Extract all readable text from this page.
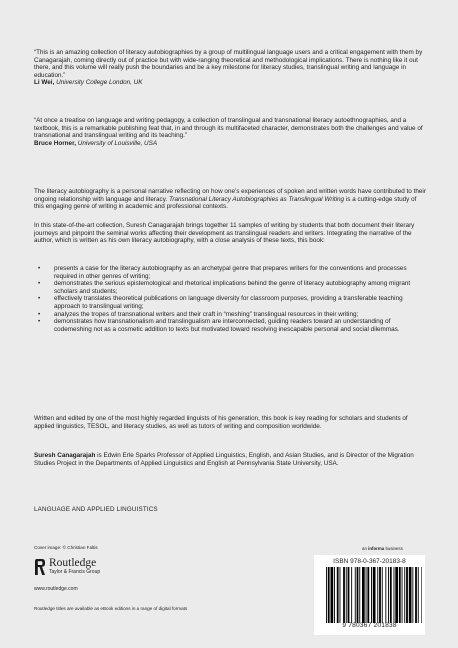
“This is an amazing collection of literacy autobiographies by a group of multilingual language users and a critical engagement with them by Canagarajah, coming directly out of practice but with wide-ranging theoretical and methodological implications. There is nothing like it out there, and this volume will really push the boundaries and be a key milestone for literacy studies, translingual writing and language in education.”

Li Wei, University College London, UK

“At once a treatise on language and writing pedagogy, a collection of translingual and transnational literacy autoethnographies, and a textbook, this is a remarkable publishing feat that, in and through its multifaceted character, demonstrates both the challenges and value of transnational and translingual writing and its teaching.”

Bruce Horner, University of Louisville, USA

The literacy autobiography is a personal narrative reflecting on how one's experiences of spoken and written words have contributed to their ongoing relationship with language and literacy. Transnational Literacy Autobiographies as Translingual Writing is a cutting-edge study of this engaging genre of writing in academic and professional contexts.

In this state-of-the-art collection, Suresh Canagarajah brings together 11 samples of writing by students that both document their literary journeys and pinpoint the seminal works affecting their development as translingual readers and writers. Integrating the narrative of the author, which is written as his own literacy autobiography, with a close analysis of these texts, this book:

• presents a case for the literacy autobiography as an archetypal genre that prepares writers for the conventions and processes required in other genres of writing;
• demonstrates the serious epistemological and rhetorical implications behind the genre of literacy autobiography among migrant scholars and students;
• effectively translates theoretical publications on language diversity for classroom purposes, providing a transferable teaching approach to translingual writing;
• analyzes the tropes of transnational writers and their craft in “meshing” translingual resources in their writing;
• demonstrates how transnationalism and translingualism are interconnected, guiding readers toward an understanding of codemeshing not as a cosmetic addition to texts but motivated toward resolving inescapable personal and social dilemmas.

Written and edited by one of the most highly regarded linguists of his generation, this book is key reading for scholars and students of applied linguistics, TESOL, and literacy studies, as well as tutors of writing and composition worldwide.

Suresh Canagarajah is Edwin Erle Sparks Professor of Applied Linguistics, English, and Asian Studies, and is Director of the Migration Studies Project in the Departments of Applied Linguistics and English at Pennsylvania State University, USA.

LANGUAGE AND APPLIED LINGUISTICS
Cover image: © Christian Faltis	an informa business
Routledge
Taylor & Francis Group
www.routledge.com
Routledge titles are available as eBook editions in a range of digital formats
ISBN 978-0-367-20183-8
9 780367 201838
